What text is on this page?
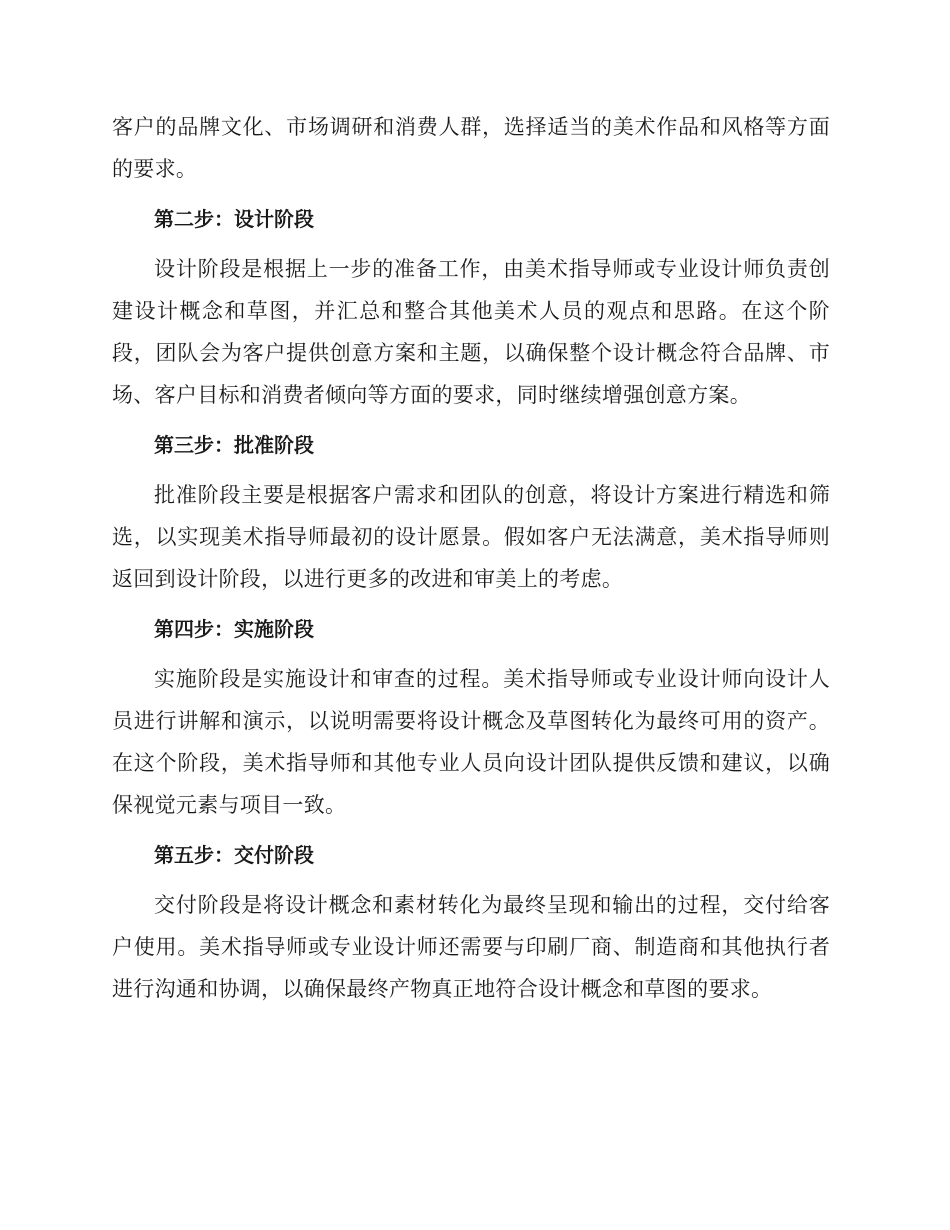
客户的品牌文化、市场调研和消费人群，选择适当的美术作品和风格等方面的要求。

第二步：设计阶段

设计阶段是根据上一步的准备工作，由美术指导师或专业设计师负责创建设计概念和草图，并汇总和整合其他美术人员的观点和思路。在这个阶段，团队会为客户提供创意方案和主题，以确保整个设计概念符合品牌、市场、客户目标和消费者倾向等方面的要求，同时继续增强创意方案。

第三步：批准阶段

批准阶段主要是根据客户需求和团队的创意，将设计方案进行精选和筛选，以实现美术指导师最初的设计愿景。假如客户无法满意，美术指导师则返回到设计阶段，以进行更多的改进和审美上的考虑。

第四步：实施阶段

实施阶段是实施设计和审查的过程。美术指导师或专业设计师向设计人员进行讲解和演示，以说明需要将设计概念及草图转化为最终可用的资产。在这个阶段，美术指导师和其他专业人员向设计团队提供反馈和建议，以确保视觉元素与项目一致。

第五步：交付阶段

交付阶段是将设计概念和素材转化为最终呈现和输出的过程，交付给客户使用。美术指导师或专业设计师还需要与印刷厂商、制造商和其他执行者进行沟通和协调，以确保最终产物真正地符合设计概念和草图的要求。
